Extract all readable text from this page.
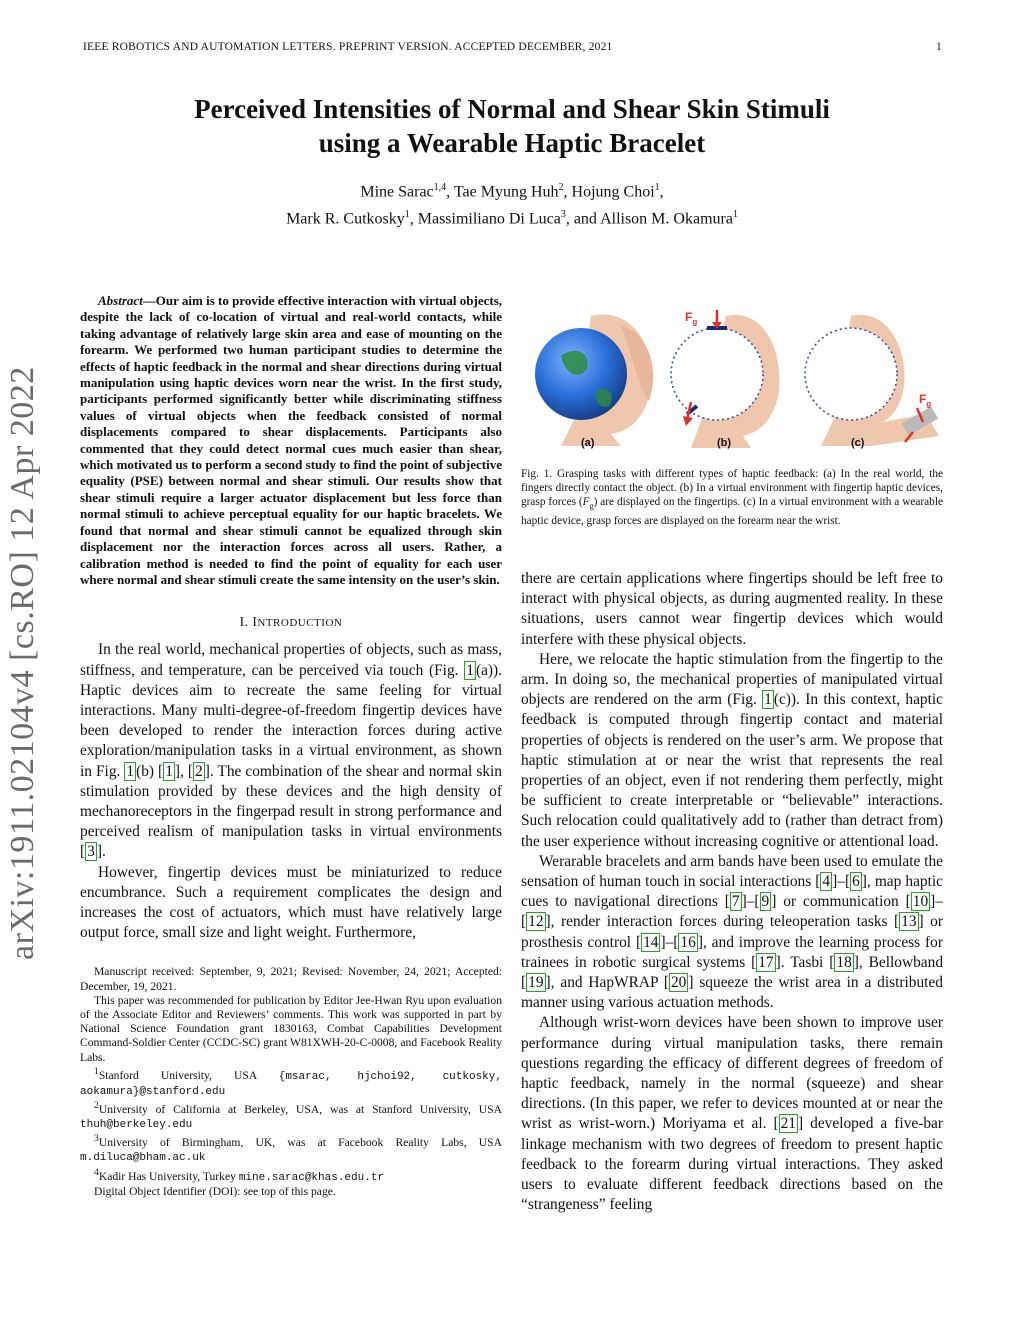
IEEE ROBOTICS AND AUTOMATION LETTERS. PREPRINT VERSION. ACCEPTED DECEMBER, 2021	1
arXiv:1911.02104v4 [cs.RO] 12 Apr 2022
Perceived Intensities of Normal and Shear Skin Stimuli
using a Wearable Haptic Bracelet
Mine Sarac$^{1,4}$, Tae Myung Huh$^2$, Hojung Choi$^1$,
Mark R. Cutkosky$^1$, Massimiliano Di Luca$^3$, and Allison M. Okamura$^1$

Abstract—Our aim is to provide effective interaction with virtual objects, despite the lack of co-location of virtual and real-world contacts, while taking advantage of relatively large skin area and ease of mounting on the forearm. We performed two human participant studies to determine the effects of haptic feedback in the normal and shear directions during virtual manipulation using haptic devices worn near the wrist. In the first study, participants performed significantly better while discriminating stiffness values of virtual objects when the feedback consisted of normal displacements compared to shear displacements. Participants also commented that they could detect normal cues much easier than shear, which motivated us to perform a second study to find the point of subjective equality (PSE) between normal and shear stimuli. Our results show that shear stimuli require a larger actuator displacement but less force than normal stimuli to achieve perceptual equality for our haptic bracelets. We found that normal and shear stimuli cannot be equalized through skin displacement nor the interaction forces across all users. Rather, a calibration method is needed to find the point of equality for each user where normal and shear stimuli create the same intensity on the user’s skin.

I. INTRODUCTION

In the real world, mechanical properties of objects, such as mass, stiffness, and temperature, can be perceived via touch (Fig. 1 (a)). Haptic devices aim to recreate the same feeling for virtual interactions. Many multi-degree-of-freedom fingertip devices have been developed to render the interaction forces during active exploration/manipulation tasks in a virtual environment, as shown in Fig. 1 (b) [ 1 ], [ 2 ]. The combination of the shear and normal skin stimulation provided by these devices and the high density of mechanoreceptors in the fingerpad result in strong performance and perceived realism of manipulation tasks in virtual environments [ 3 ].

However, fingertip devices must be miniaturized to reduce encumbrance. Such a requirement complicates the design and increases the cost of actuators, which must have relatively large output force, small size and light weight. Furthermore,

Manuscript received: September, 9, 2021; Revised: November, 24, 2021; Accepted: December, 19, 2021.

This paper was recommended for publication by Editor Jee-Hwan Ryu upon evaluation of the Associate Editor and Reviewers’ comments. This work was supported in part by National Science Foundation grant 1830163, Combat Capabilities Development Command-Soldier Center (CCDC-SC) grant W81XWH-20-C-0008, and Facebook Reality Labs.

$^1$Stanford University, USA {msarac, hjchoi92, cutkosky, aokamura}@stanford.edu

$^2$University of California at Berkeley, USA, was at Stanford University, USA thuh@berkeley.edu

$^3$University of Birmingham, UK, was at Facebook Reality Labs, USA m.diluca@bham.ac.uk

$^4$Kadir Has University, Turkey mine.sarac@khas.edu.tr

Digital Object Identifier (DOI): see top of this page.

$F_g$
$F_g$
(a)	(b)	(c)
Fig. 1. Grasping tasks with different types of haptic feedback: (a) In the real world, the fingers directly contact the object. (b) In a virtual environment with fingertip haptic devices, grasp forces $(F_g)$ are displayed on the fingertips. (c) In a virtual environment with a wearable haptic device, grasp forces are displayed on the forearm near the wrist.

there are certain applications where fingertips should be left free to interact with physical objects, as during augmented reality. In these situations, users cannot wear fingertip devices which would interfere with these physical objects.

Here, we relocate the haptic stimulation from the fingertip to the arm. In doing so, the mechanical properties of manipulated virtual objects are rendered on the arm (Fig. 1 (c)). In this context, haptic feedback is computed through fingertip contact and material properties of objects is rendered on the user’s arm. We propose that haptic stimulation at or near the wrist that represents the real properties of an object, even if not rendering them perfectly, might be sufficient to create interpretable or “believable” interactions. Such relocation could qualitatively add to (rather than detract from) the user experience without increasing cognitive or attentional load.

Werarable bracelets and arm bands have been used to emulate the sensation of human touch in social interactions [ 4 ]–[ 6 ], map haptic cues to navigational directions [ 7 ]–[ 9 ] or communication [ 10 ]–[ 12 ], render interaction forces during teleoperation tasks [ 13 ] or prosthesis control [ 14 ]–[ 16 ], and improve the learning process for trainees in robotic surgical systems [ 17 ]. Tasbi [ 18 ], Bellowband [ 19 ], and HapWRAP [ 20 ] squeeze the wrist area in a distributed manner using various actuation methods.

Although wrist-worn devices have been shown to improve user performance during virtual manipulation tasks, there remain questions regarding the efficacy of different degrees of freedom of haptic feedback, namely in the normal (squeeze) and shear directions. (In this paper, we refer to devices mounted at or near the wrist as wrist-worn.) Moriyama et al. [ 21 ] developed a five-bar linkage mechanism with two degrees of freedom to present haptic feedback to the forearm during virtual interactions. They asked users to evaluate different feedback directions based on the “strangeness” feeling
